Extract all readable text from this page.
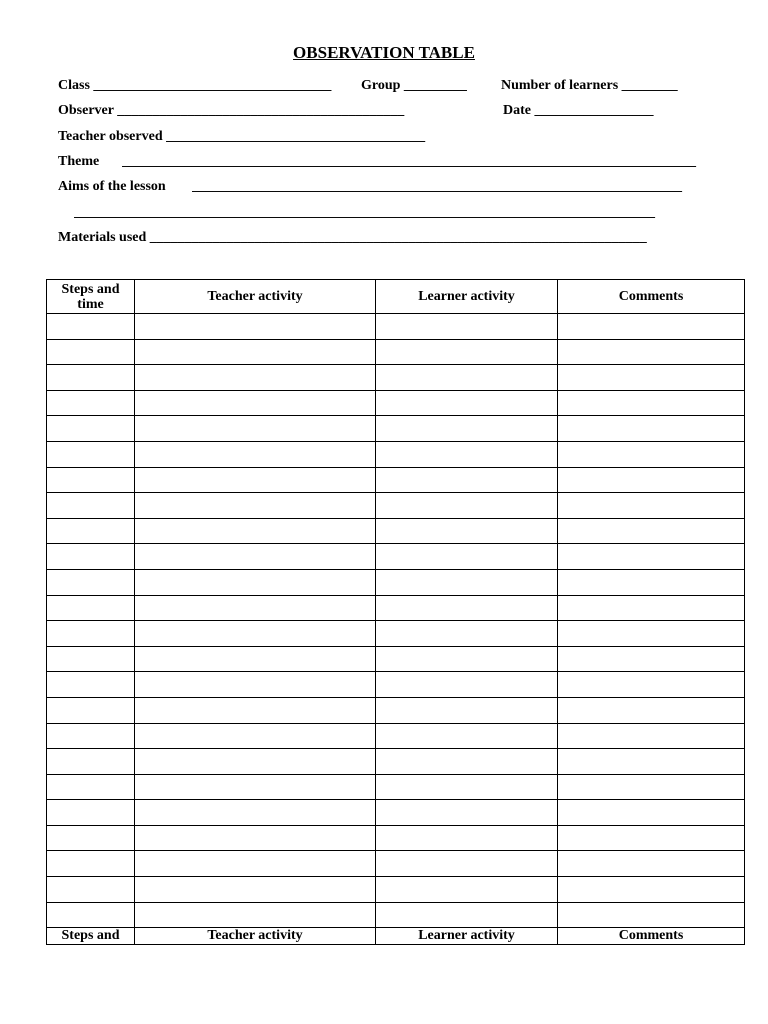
OBSERVATION TABLE
Class __________________________________	Group _________	Number of learners ________
Observer _________________________________________	Date _________________
Teacher observed _____________________________________
Theme	__________________________________________________________________________________
Aims of the lesson	______________________________________________________________________
___________________________________________________________________________________
Materials used _______________________________________________________________________
Steps and time	Teacher activity	Learner activity	Comments

Steps and	Teacher activity	Learner activity	Comments
